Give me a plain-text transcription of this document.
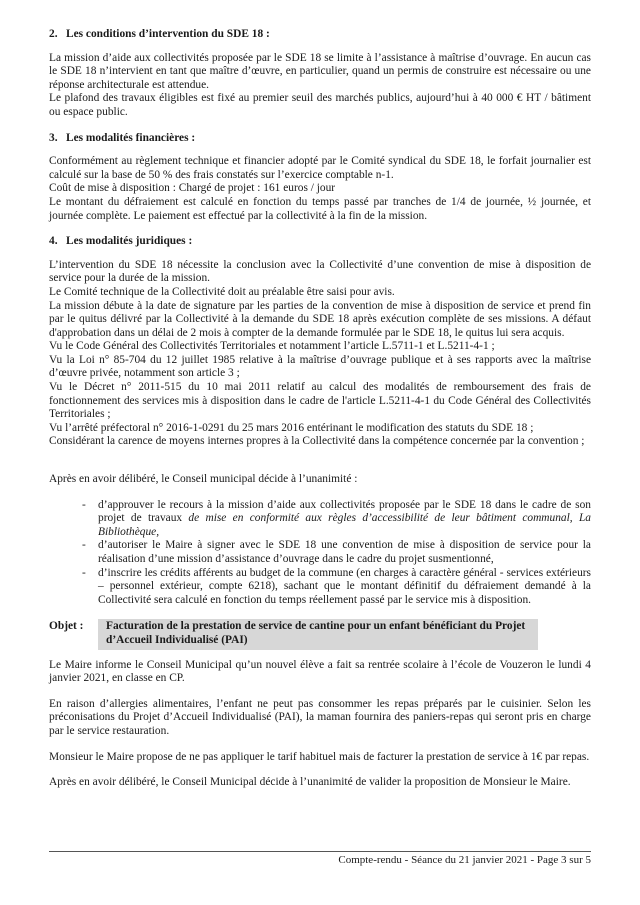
2. Les conditions d’intervention du SDE 18 :

La mission d’aide aux collectivités proposée par le SDE 18 se limite à l’assistance à maîtrise d’ouvrage. En aucun cas le SDE 18 n’intervient en tant que maître d’œuvre, en particulier, quand un permis de construire est nécessaire ou une réponse architecturale est attendue.

Le plafond des travaux éligibles est fixé au premier seuil des marchés publics, aujourd’hui à 40 000 € HT / bâtiment ou espace public.

3. Les modalités financières :

Conformément au règlement technique et financier adopté par le Comité syndical du SDE 18, le forfait journalier est calculé sur la base de 50 % des frais constatés sur l’exercice comptable n-1.

Coût de mise à disposition : Chargé de projet : 161 euros / jour

Le montant du défraiement est calculé en fonction du temps passé par tranches de 1/4 de journée, ½ journée, et journée complète. Le paiement est effectué par la collectivité à la fin de la mission.

4. Les modalités juridiques :

L’intervention du SDE 18 nécessite la conclusion avec la Collectivité d’une convention de mise à disposition de service pour la durée de la mission.

Le Comité technique de la Collectivité doit au préalable être saisi pour avis.

La mission débute à la date de signature par les parties de la convention de mise à disposition de service et prend fin par le quitus délivré par la Collectivité à la demande du SDE 18 après exécution complète de ses missions. A défaut d'approbation dans un délai de 2 mois à compter de la demande formulée par le SDE 18, le quitus lui sera acquis.

Vu le Code Général des Collectivités Territoriales et notamment l’article L.5711-1 et L.5211-4-1 ;

Vu la Loi n° 85-704 du 12 juillet 1985 relative à la maîtrise d’ouvrage publique et à ses rapports avec la maîtrise d’œuvre privée, notamment son article 3 ;

Vu le Décret n° 2011-515 du 10 mai 2011 relatif au calcul des modalités de remboursement des frais de fonctionnement des services mis à disposition dans le cadre de l'article L.5211-4-1 du Code Général des Collectivités Territoriales ;

Vu l’arrêté préfectoral n° 2016-1-0291 du 25 mars 2016 entérinant le modification des statuts du SDE 18 ;

Considérant la carence de moyens internes propres à la Collectivité dans la compétence concernée par la convention ;

Après en avoir délibéré, le Conseil municipal décide à l’unanimité :

- d’approuver le recours à la mission d’aide aux collectivités proposée par le SDE 18 dans le cadre de son projet de travaux de mise en conformité aux règles d’accessibilité de leur bâtiment communal, La Bibliothèque,
- d’autoriser le Maire à signer avec le SDE 18 une convention de mise à disposition de service pour la réalisation d’une mission d’assistance d’ouvrage dans le cadre du projet susmentionné,
- d’inscrire les crédits afférents au budget de la commune (en charges à caractère général - services extérieurs – personnel extérieur, compte 6218), sachant que le montant définitif du défraiement demandé à la Collectivité sera calculé en fonction du temps réellement passé par le service mis à disposition.
Objet :	Facturation de la prestation de service de cantine pour un enfant bénéficiant du Projet d’Accueil Individualisé (PAI)

Le Maire informe le Conseil Municipal qu’un nouvel élève a fait sa rentrée scolaire à l’école de Vouzeron le lundi 4 janvier 2021, en classe en CP.

En raison d’allergies alimentaires, l’enfant ne peut pas consommer les repas préparés par le cuisinier. Selon les préconisations du Projet d’Accueil Individualisé (PAI), la maman fournira des paniers-repas qui seront pris en charge par le service restauration.

Monsieur le Maire propose de ne pas appliquer le tarif habituel mais de facturer la prestation de service à 1€ par repas.

Après en avoir délibéré, le Conseil Municipal décide à l’unanimité de valider la proposition de Monsieur le Maire.

Compte-rendu - Séance du 21 janvier 2021 - Page 3 sur 5
